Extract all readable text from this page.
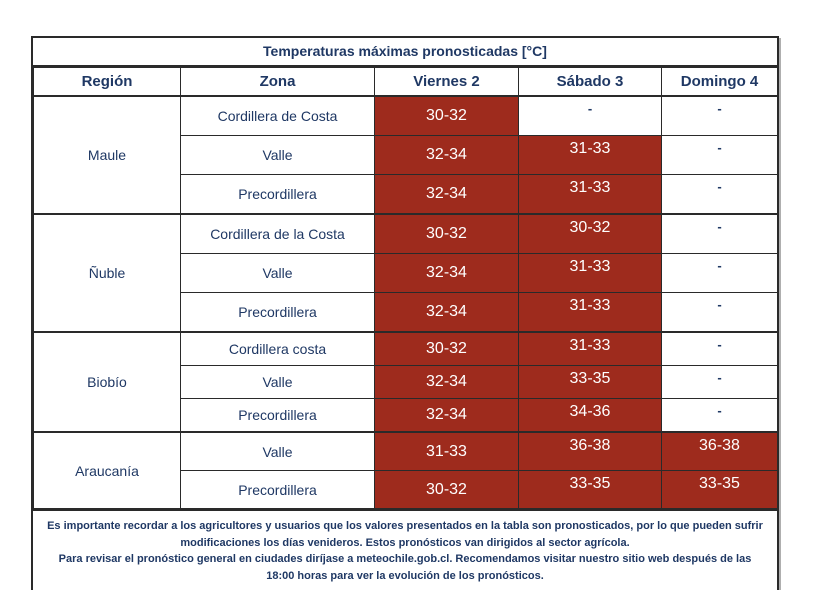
Temperaturas máximas pronosticadas [°C]
Región	Zona	Viernes 2	Sábado 3	Domingo 4
Maule	Cordillera de Costa	30-32	-	-
	Valle	32-34	31-33	-
	Precordillera	32-34	31-33	-
Ñuble	Cordillera de la Costa	30-32	30-32	-
	Valle	32-34	31-33	-
	Precordillera	32-34	31-33	-
Biobío	Cordillera costa	30-32	31-33	-
	Valle	32-34	33-35	-
	Precordillera	32-34	34-36	-
Araucanía	Valle	31-33	36-38	36-38
	Precordillera	30-32	33-35	33-35

Es importante recordar a los agricultores y usuarios que los valores presentados en la tabla son pronosticados, por lo que pueden sufrir modificaciones los días venideros. Estos pronósticos van dirigidos al sector agrícola.

Para revisar el pronóstico general en ciudades diríjase a meteochile.gob.cl. Recomendamos visitar nuestro sitio web después de las 18:00 horas para ver la evolución de los pronósticos.
